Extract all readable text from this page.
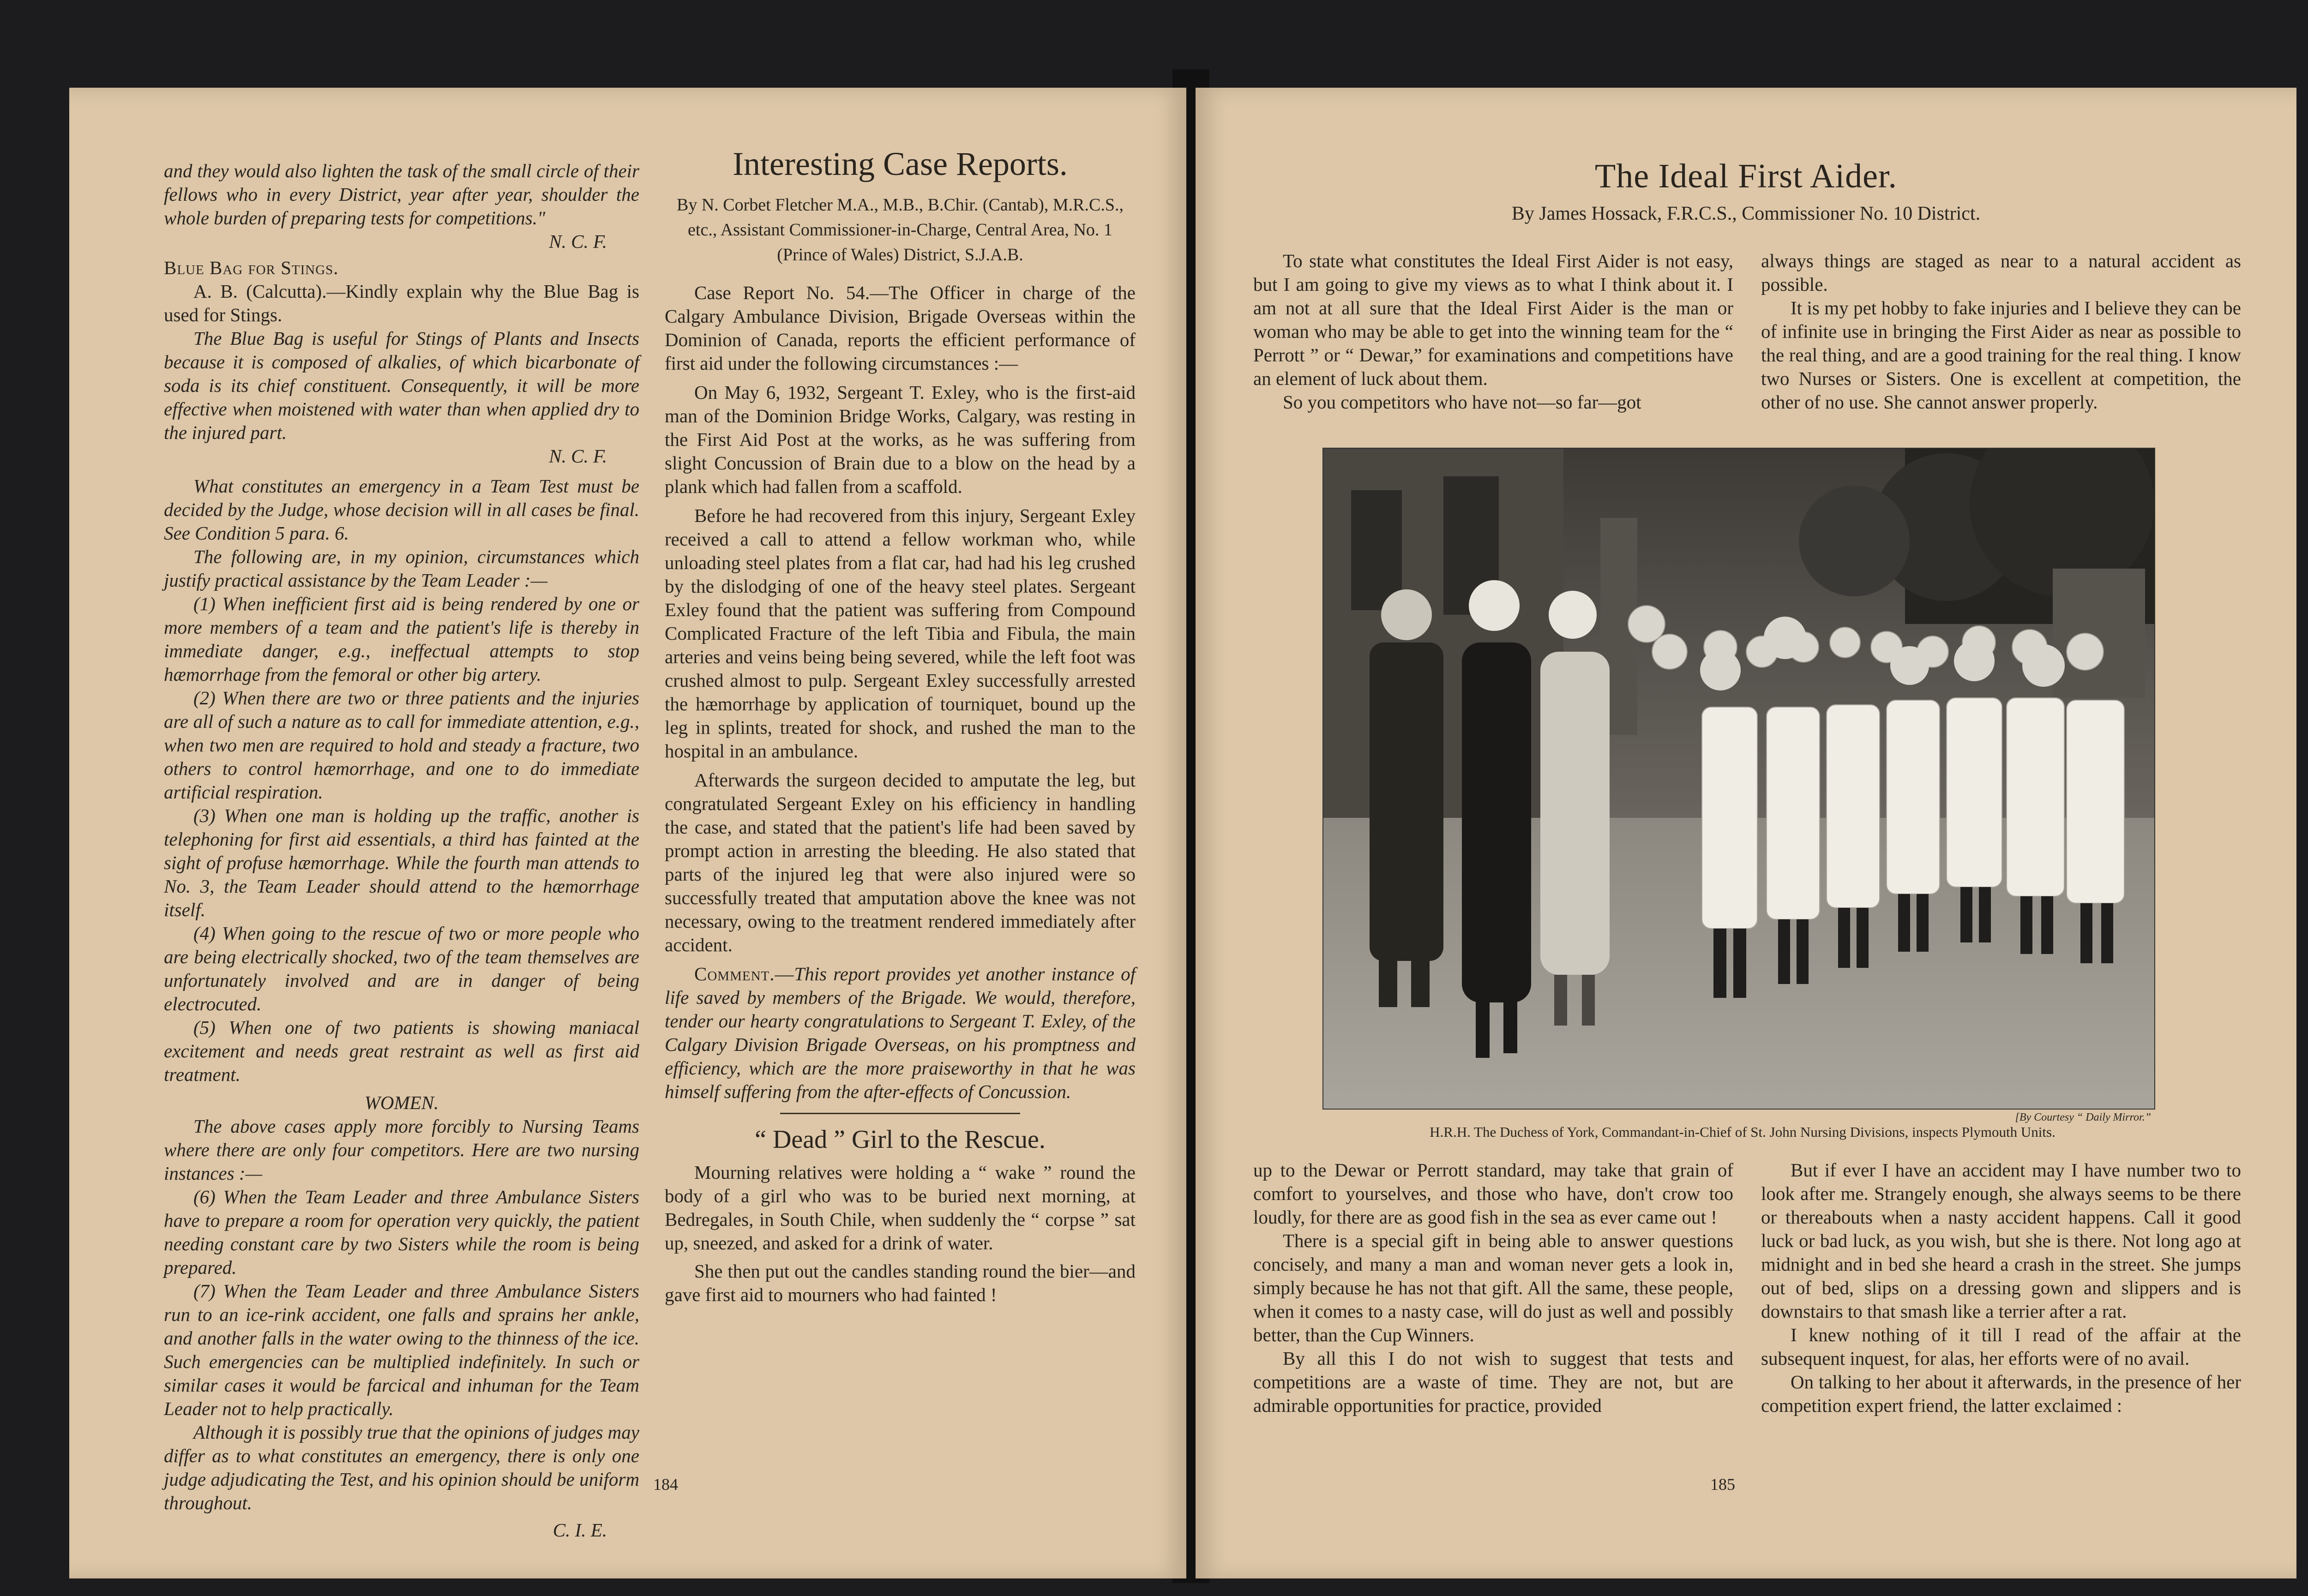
and they would also lighten the task of the small circle of their fellows who in every District, year after year, shoulder the whole burden of preparing tests for competitions."

N. C. F.

Blue Bag for Stings.

A. B. (Calcutta).—Kindly explain why the Blue Bag is used for Stings.

The Blue Bag is useful for Stings of Plants and Insects because it is composed of alkalies, of which bicarbonate of soda is its chief constituent. Consequently, it will be more effective when moistened with water than when applied dry to the injured part.

N. C. F.

What constitutes an emergency in a Team Test must be decided by the Judge, whose decision will in all cases be final. See Condition 5 para. 6.

The following are, in my opinion, circumstances which justify practical assistance by the Team Leader :—

(1) When inefficient first aid is being rendered by one or more members of a team and the patient's life is thereby in immediate danger, e.g., ineffectual attempts to stop hæmorrhage from the femoral or other big artery.

(2) When there are two or three patients and the injuries are all of such a nature as to call for immediate attention, e.g., when two men are required to hold and steady a fracture, two others to control hæmorrhage, and one to do immediate artificial respiration.

(3) When one man is holding up the traffic, another is telephoning for first aid essentials, a third has fainted at the sight of profuse hæmorrhage. While the fourth man attends to No. 3, the Team Leader should attend to the hæmorrhage itself.

(4) When going to the rescue of two or more people who are being electrically shocked, two of the team themselves are unfortunately involved and are in danger of being electrocuted.

(5) When one of two patients is showing maniacal excitement and needs great restraint as well as first aid treatment.

WOMEN.

The above cases apply more forcibly to Nursing Teams where there are only four competitors. Here are two nursing instances :—

(6) When the Team Leader and three Ambulance Sisters have to prepare a room for operation very quickly, the patient needing constant care by two Sisters while the room is being prepared.

(7) When the Team Leader and three Ambulance Sisters run to an ice-rink accident, one falls and sprains her ankle, and another falls in the water owing to the thinness of the ice. Such emergencies can be multiplied indefinitely. In such or similar cases it would be farcical and inhuman for the Team Leader not to help practically.

Although it is possibly true that the opinions of judges may differ as to what constitutes an emergency, there is only one judge adjudicating the Test, and his opinion should be uniform throughout.

C. I. E.

Interesting Case Reports.
By N. Corbet Fletcher M.A., M.B., B.Chir. (Cantab), M.R.C.S., etc., Assistant Commissioner-in-Charge, Central Area, No. 1 (Prince of Wales) District, S.J.A.B.

Case Report No. 54.—The Officer in charge of the Calgary Ambulance Division, Brigade Overseas within the Dominion of Canada, reports the efficient performance of first aid under the following circumstances :—

On May 6, 1932, Sergeant T. Exley, who is the first-aid man of the Dominion Bridge Works, Calgary, was resting in the First Aid Post at the works, as he was suffering from slight Concussion of Brain due to a blow on the head by a plank which had fallen from a scaffold.

Before he had recovered from this injury, Sergeant Exley received a call to attend a fellow workman who, while unloading steel plates from a flat car, had had his leg crushed by the dislodging of one of the heavy steel plates. Sergeant Exley found that the patient was suffering from Compound Complicated Fracture of the left Tibia and Fibula, the main arteries and veins being being severed, while the left foot was crushed almost to pulp. Sergeant Exley successfully arrested the hæmorrhage by application of tourniquet, bound up the leg in splints, treated for shock, and rushed the man to the hospital in an ambulance.

Afterwards the surgeon decided to amputate the leg, but congratulated Sergeant Exley on his efficiency in handling the case, and stated that the patient's life had been saved by prompt action in arresting the bleeding. He also stated that parts of the injured leg that were also injured were so successfully treated that amputation above the knee was not necessary, owing to the treatment rendered immediately after accident.

Comment.—This report provides yet another instance of life saved by members of the Brigade. We would, therefore, tender our hearty congratulations to Sergeant T. Exley, of the Calgary Division Brigade Overseas, on his promptness and efficiency, which are the more praiseworthy in that he was himself suffering from the after-effects of Concussion.

“ Dead ” Girl to the Rescue.

Mourning relatives were holding a “ wake ” round the body of a girl who was to be buried next morning, at Bedregales, in South Chile, when suddenly the “ corpse ” sat up, sneezed, and asked for a drink of water.

She then put out the candles standing round the bier—and gave first aid to mourners who had fainted !

184
The Ideal First Aider.
By James Hossack, F.R.C.S., Commissioner No. 10 District.

To state what constitutes the Ideal First Aider is not easy, but I am going to give my views as to what I think about it. I am not at all sure that the Ideal First Aider is the man or woman who may be able to get into the winning team for the “ Perrott ” or “ Dewar,” for examinations and competitions have an element of luck about them.

So you competitors who have not—so far—got

always things are staged as near to a natural accident as possible.

It is my pet hobby to fake injuries and I believe they can be of infinite use in bringing the First Aider as near as possible to the real thing, and are a good training for the real thing. I know two Nurses or Sisters. One is excellent at competition, the other of no use. She cannot answer properly.

[By Courtesy “ Daily Mirror.”
H.R.H. The Duchess of York, Commandant-in-Chief of St. John Nursing Divisions, inspects Plymouth Units.

up to the Dewar or Perrott standard, may take that grain of comfort to yourselves, and those who have, don't crow too loudly, for there are as good fish in the sea as ever came out !

There is a special gift in being able to answer questions concisely, and many a man and woman never gets a look in, simply because he has not that gift. All the same, these people, when it comes to a nasty case, will do just as well and possibly better, than the Cup Winners.

By all this I do not wish to suggest that tests and competitions are a waste of time. They are not, but are admirable opportunities for practice, provided

But if ever I have an accident may I have number two to look after me. Strangely enough, she always seems to be there or thereabouts when a nasty accident happens. Call it good luck or bad luck, as you wish, but she is there. Not long ago at midnight and in bed she heard a crash in the street. She jumps out of bed, slips on a dressing gown and slippers and is downstairs to that smash like a terrier after a rat.

I knew nothing of it till I read of the affair at the subsequent inquest, for alas, her efforts were of no avail.

On talking to her about it afterwards, in the presence of her competition expert friend, the latter exclaimed :

185
